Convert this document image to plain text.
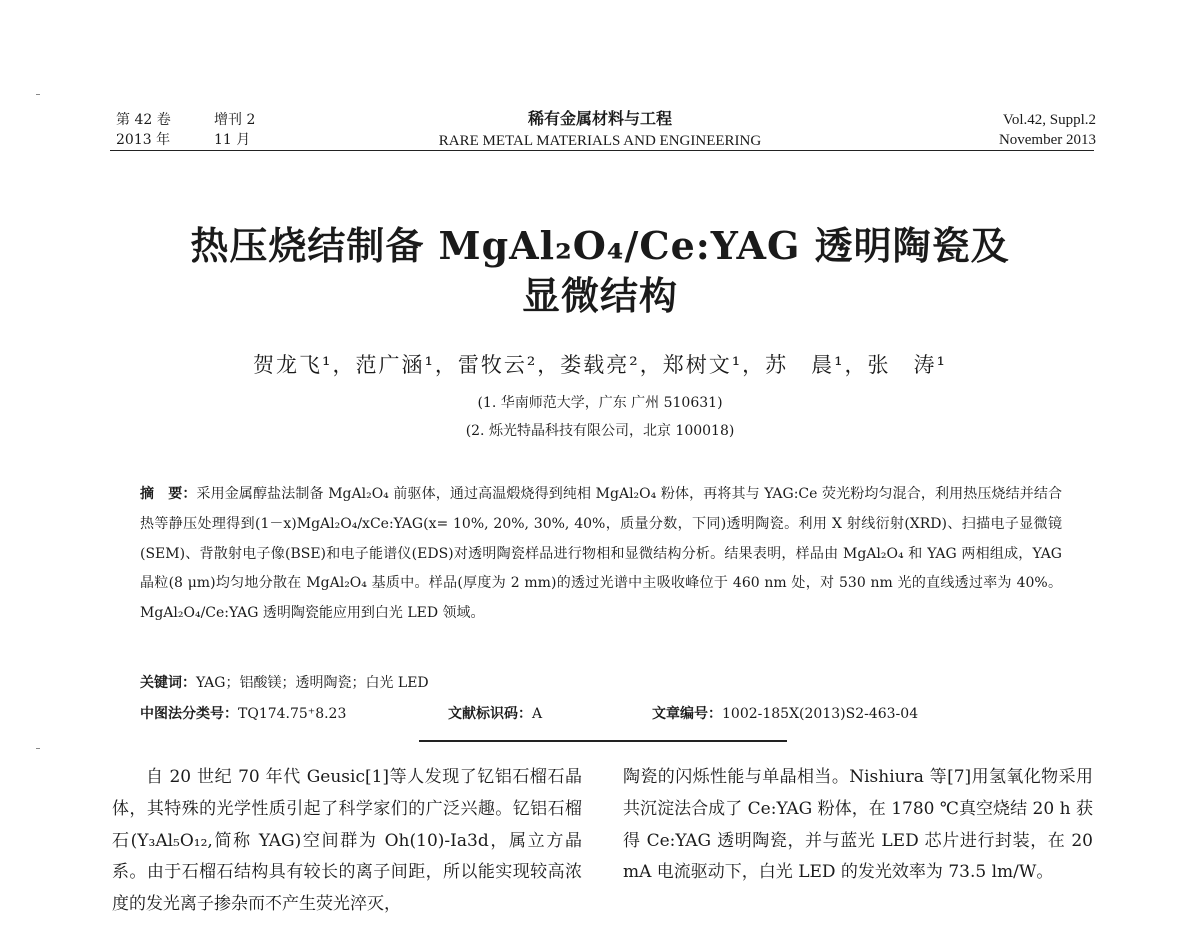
第 42 卷	增刊 2
2013 年	11 月
稀有金属材料与工程
RARE METAL MATERIALS AND ENGINEERING
Vol.42, Suppl.2
November 2013
热压烧结制备 MgAl₂O₄/Ce:YAG 透明陶瓷及
显微结构
贺龙飞¹，范广涵¹，雷牧云²，娄载亮²，郑树文¹，苏　晨¹，张　涛¹
(1. 华南师范大学，广东 广州 510631)
(2. 烁光特晶科技有限公司，北京 100018)
摘　要：采用金属醇盐法制备 MgAl₂O₄ 前驱体，通过高温煅烧得到纯相 MgAl₂O₄ 粉体，再将其与 YAG:Ce 荧光粉均匀混合，利用热压烧结并结合热等静压处理得到(1－x)MgAl₂O₄/xCe:YAG(x= 10%, 20%, 30%, 40%，质量分数，下同)透明陶瓷。利用 X 射线衍射(XRD)、扫描电子显微镜(SEM)、背散射电子像(BSE)和电子能谱仪(EDS)对透明陶瓷样品进行物相和显微结构分析。结果表明，样品由 MgAl₂O₄ 和 YAG 两相组成，YAG 晶粒(8 μm)均匀地分散在 MgAl₂O₄ 基质中。样品(厚度为 2 mm)的透过光谱中主吸收峰位于 460 nm 处，对 530 nm 光的直线透过率为 40%。MgAl₂O₄/Ce:YAG 透明陶瓷能应用到白光 LED 领域。
关键词：YAG；铝酸镁；透明陶瓷；白光 LED
中图法分类号：TQ174.75⁺8.23	文献标识码：A	文章编号：1002-185X(2013)S2-463-04

自 20 世纪 70 年代 Geusic[1]等人发现了钇铝石榴石晶体，其特殊的光学性质引起了科学家们的广泛兴趣。钇铝石榴石(Y₃Al₅O₁₂,简称 YAG)空间群为 Oh(10)-Ia3d，属立方晶系。由于石榴石结构具有较长的离子间距，所以能实现较高浓度的发光离子掺杂而不产生荧光淬灭，

陶瓷的闪烁性能与单晶相当。Nishiura 等[7]用氢氧化物采用共沉淀法合成了 Ce:YAG 粉体，在 1780 ℃真空烧结 20 h 获得 Ce:YAG 透明陶瓷，并与蓝光 LED 芯片进行封装，在 20 mA 电流驱动下，白光 LED 的发光效率为 73.5 lm/W。
